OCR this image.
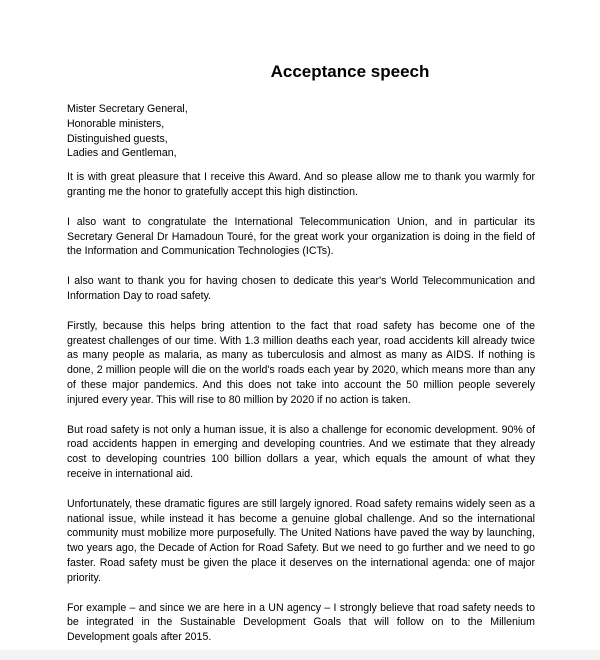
Acceptance speech

Mister Secretary General,

Honorable ministers,

Distinguished guests,

Ladies and Gentleman,

It is with great pleasure that I receive this Award. And so please allow me to thank you warmly for granting me the honor to gratefully accept this high distinction.

I also want to congratulate the International Telecommunication Union, and in particular its Secretary General Dr Hamadoun Touré, for the great work your organization is doing in the field of the Information and Communication Technologies (ICTs).

I also want to thank you for having chosen to dedicate this year's World Telecommunication and Information Day to road safety.

Firstly, because this helps bring attention to the fact that road safety has become one of the greatest challenges of our time. With 1.3 million deaths each year, road accidents kill already twice as many people as malaria, as many as tuberculosis and almost as many as AIDS. If nothing is done, 2 million people will die on the world's roads each year by 2020, which means more than any of these major pandemics. And this does not take into account the 50 million people severely injured every year. This will rise to 80 million by 2020 if no action is taken.

But road safety is not only a human issue, it is also a challenge for economic development. 90% of road accidents happen in emerging and developing countries. And we estimate that they already cost to developing countries 100 billion dollars a year, which equals the amount of what they receive in international aid.

Unfortunately, these dramatic figures are still largely ignored. Road safety remains widely seen as a national issue, while instead it has become a genuine global challenge. And so the international community must mobilize more purposefully. The United Nations have paved the way by launching, two years ago, the Decade of Action for Road Safety. But we need to go further and we need to go faster. Road safety must be given the place it deserves on the international agenda: one of major priority.

For example – and since we are here in a UN agency – I strongly believe that road safety needs to be integrated in the Sustainable Development Goals that will follow on to the Millenium Development goals after 2015.
